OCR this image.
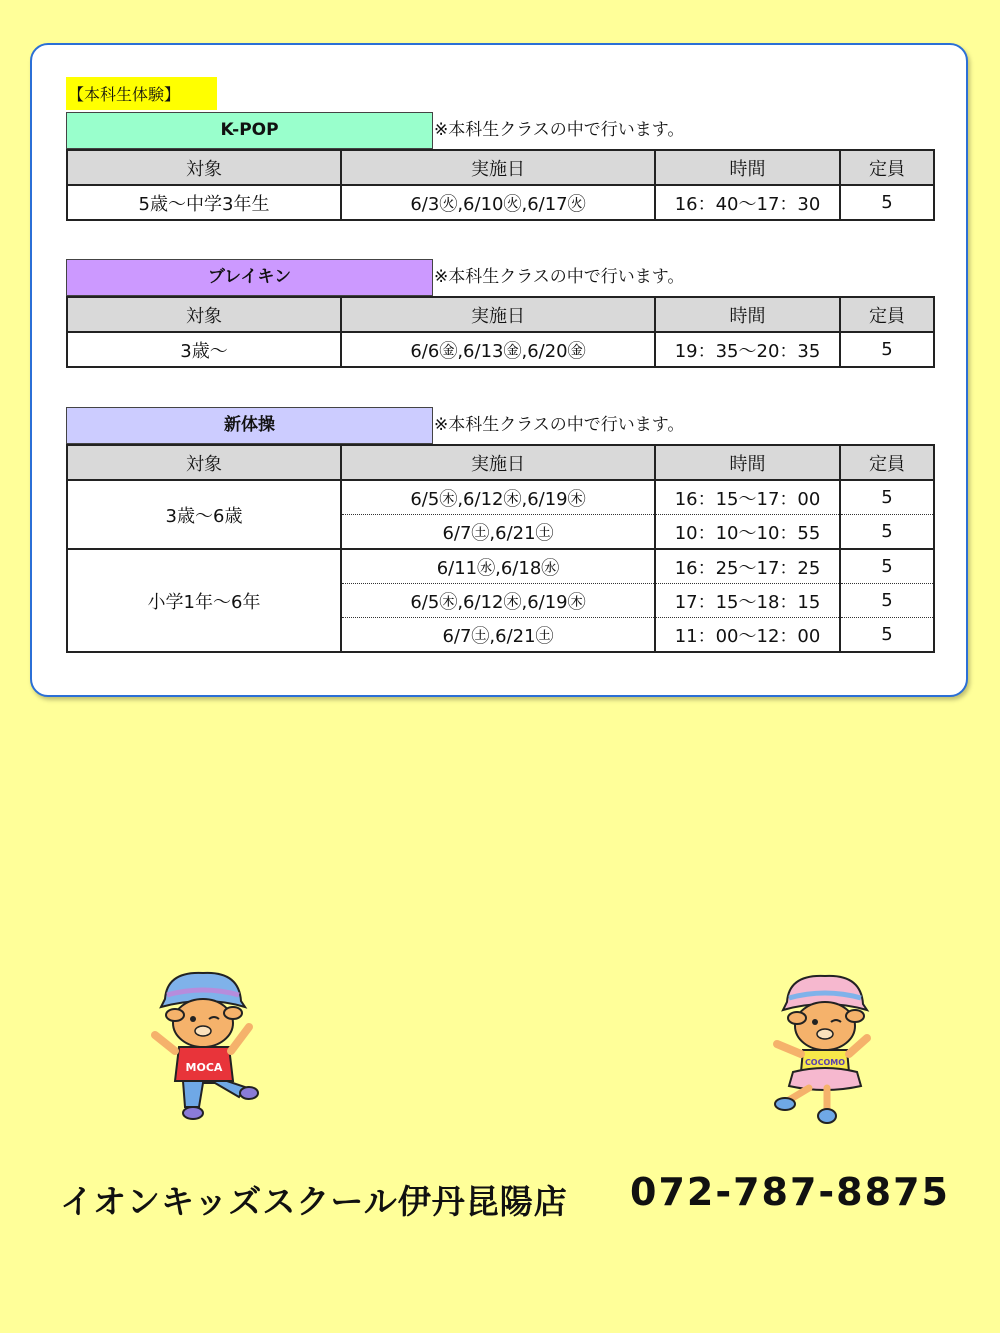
【本科生体験】
K-POP	※本科生クラスの中で行います。
対象	実施日	時間	定員
5歳～中学3年生	6/3㊋,6/10㊋,6/17㊋	16：40～17：30	5
ブレイキン	※本科生クラスの中で行います。
対象	実施日	時間	定員
3歳～	6/6㊎,6/13㊎,6/20㊎	19：35～20：35	5
新体操	※本科生クラスの中で行います。
対象	実施日	時間	定員
3歳～6歳	6/5㊍,6/12㊍,6/19㊍	16：15～17：00	5
	6/7㊏,6/21㊏	10：10～10：55	5
小学1年～6年	6/11㊌,6/18㊌	16：25～17：25	5
	6/5㊍,6/12㊍,6/19㊍	17：15～18：15	5
	6/7㊏,6/21㊏	11：00～12：00	5
MOCA	COCOMO
イオンキッズスクール伊丹昆陽店 072-787-8875
